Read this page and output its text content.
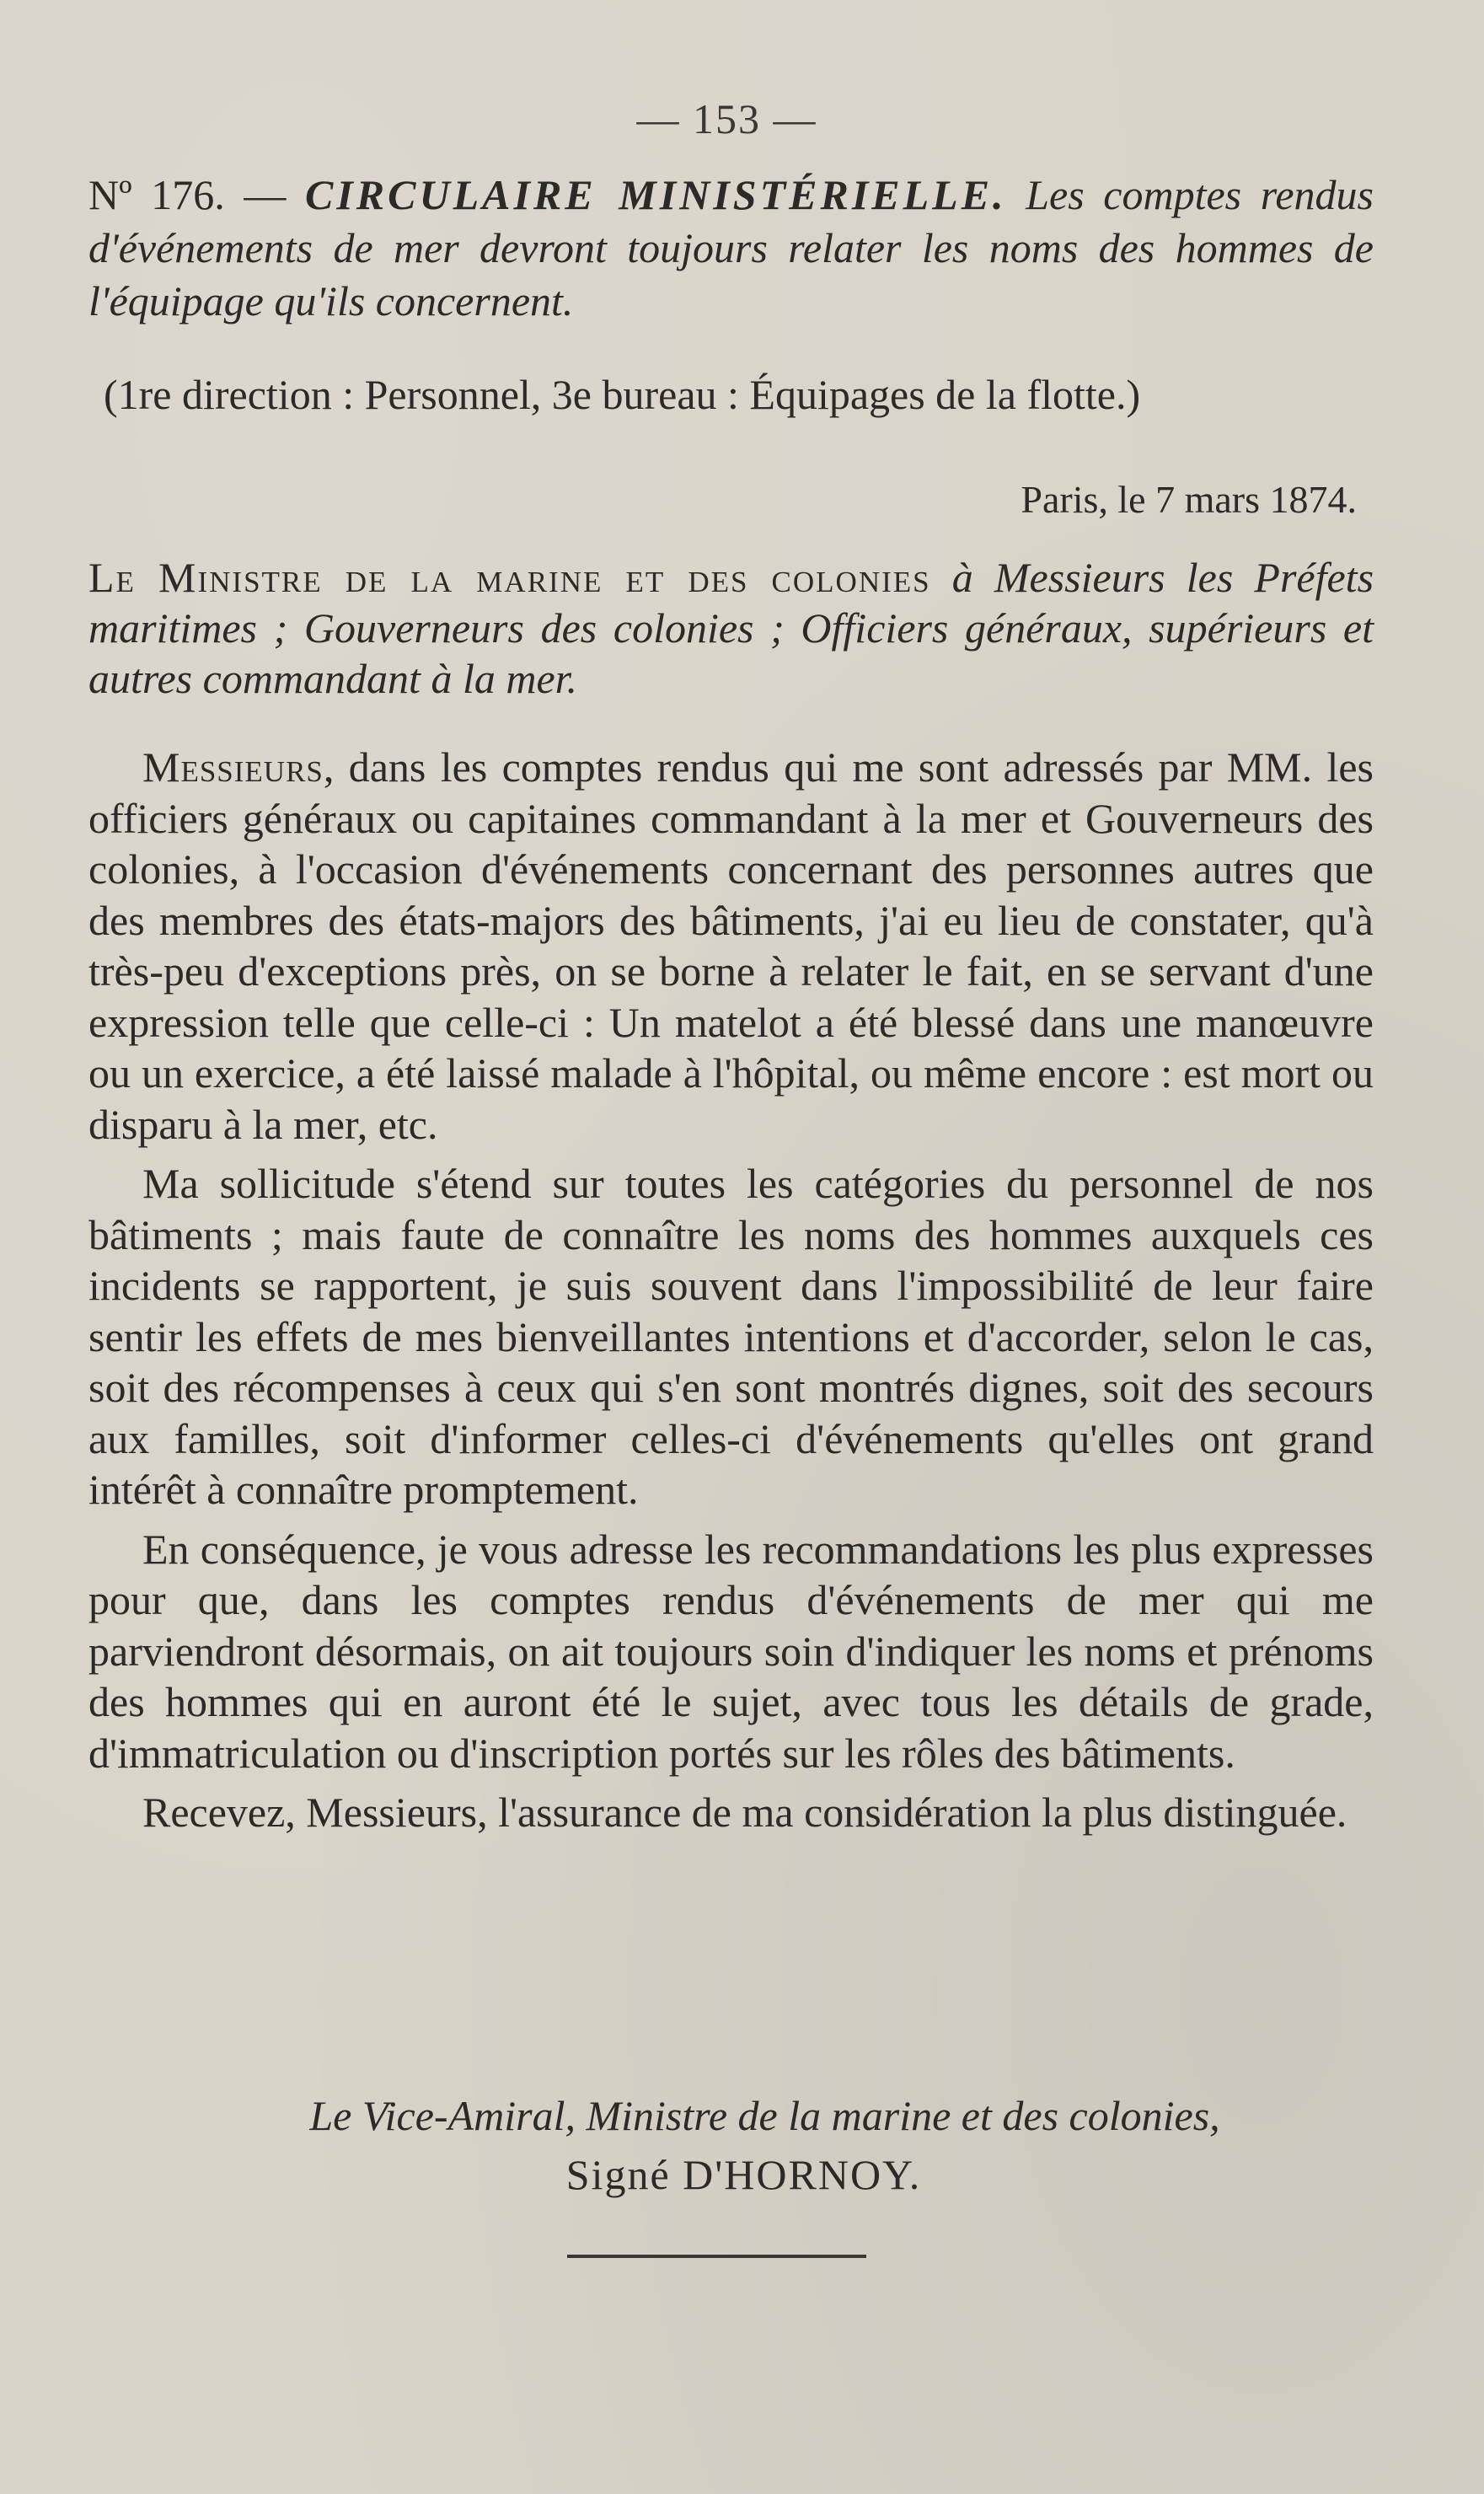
— 153 —
Nº 176. — CIRCULAIRE MINISTÉRIELLE. Les comptes rendus d'événements de mer devront toujours relater les noms des hommes de l'équipage qu'ils concernent.
(1re direction : Personnel, 3e bureau : Équipages de la flotte.)
Paris, le 7 mars 1874.
Le Ministre de la marine et des colonies à Messieurs les Préfets maritimes ; Gouverneurs des colonies ; Officiers généraux, supérieurs et autres commandant à la mer.

Messieurs, dans les comptes rendus qui me sont adressés par MM. les officiers généraux ou capitaines commandant à la mer et Gouverneurs des colonies, à l'occasion d'événements concernant des personnes autres que des membres des états-majors des bâtiments, j'ai eu lieu de constater, qu'à très-peu d'exceptions près, on se borne à relater le fait, en se servant d'une expression telle que celle-ci : Un matelot a été blessé dans une manœuvre ou un exercice, a été laissé malade à l'hôpital, ou même encore : est mort ou disparu à la mer, etc.

Ma sollicitude s'étend sur toutes les catégories du personnel de nos bâtiments ; mais faute de connaître les noms des hommes auxquels ces incidents se rapportent, je suis souvent dans l'impossibilité de leur faire sentir les effets de mes bienveillantes intentions et d'accorder, selon le cas, soit des récompenses à ceux qui s'en sont montrés dignes, soit des secours aux familles, soit d'informer celles-ci d'événements qu'elles ont grand intérêt à connaître promptement.

En conséquence, je vous adresse les recommandations les plus expresses pour que, dans les comptes rendus d'événements de mer qui me parviendront désormais, on ait toujours soin d'indiquer les noms et prénoms des hommes qui en auront été le sujet, avec tous les détails de grade, d'immatriculation ou d'inscription portés sur les rôles des bâtiments.

Recevez, Messieurs, l'assurance de ma considération la plus distinguée.

Le Vice-Amiral, Ministre de la marine et des colonies,
Signé D'HORNOY.
